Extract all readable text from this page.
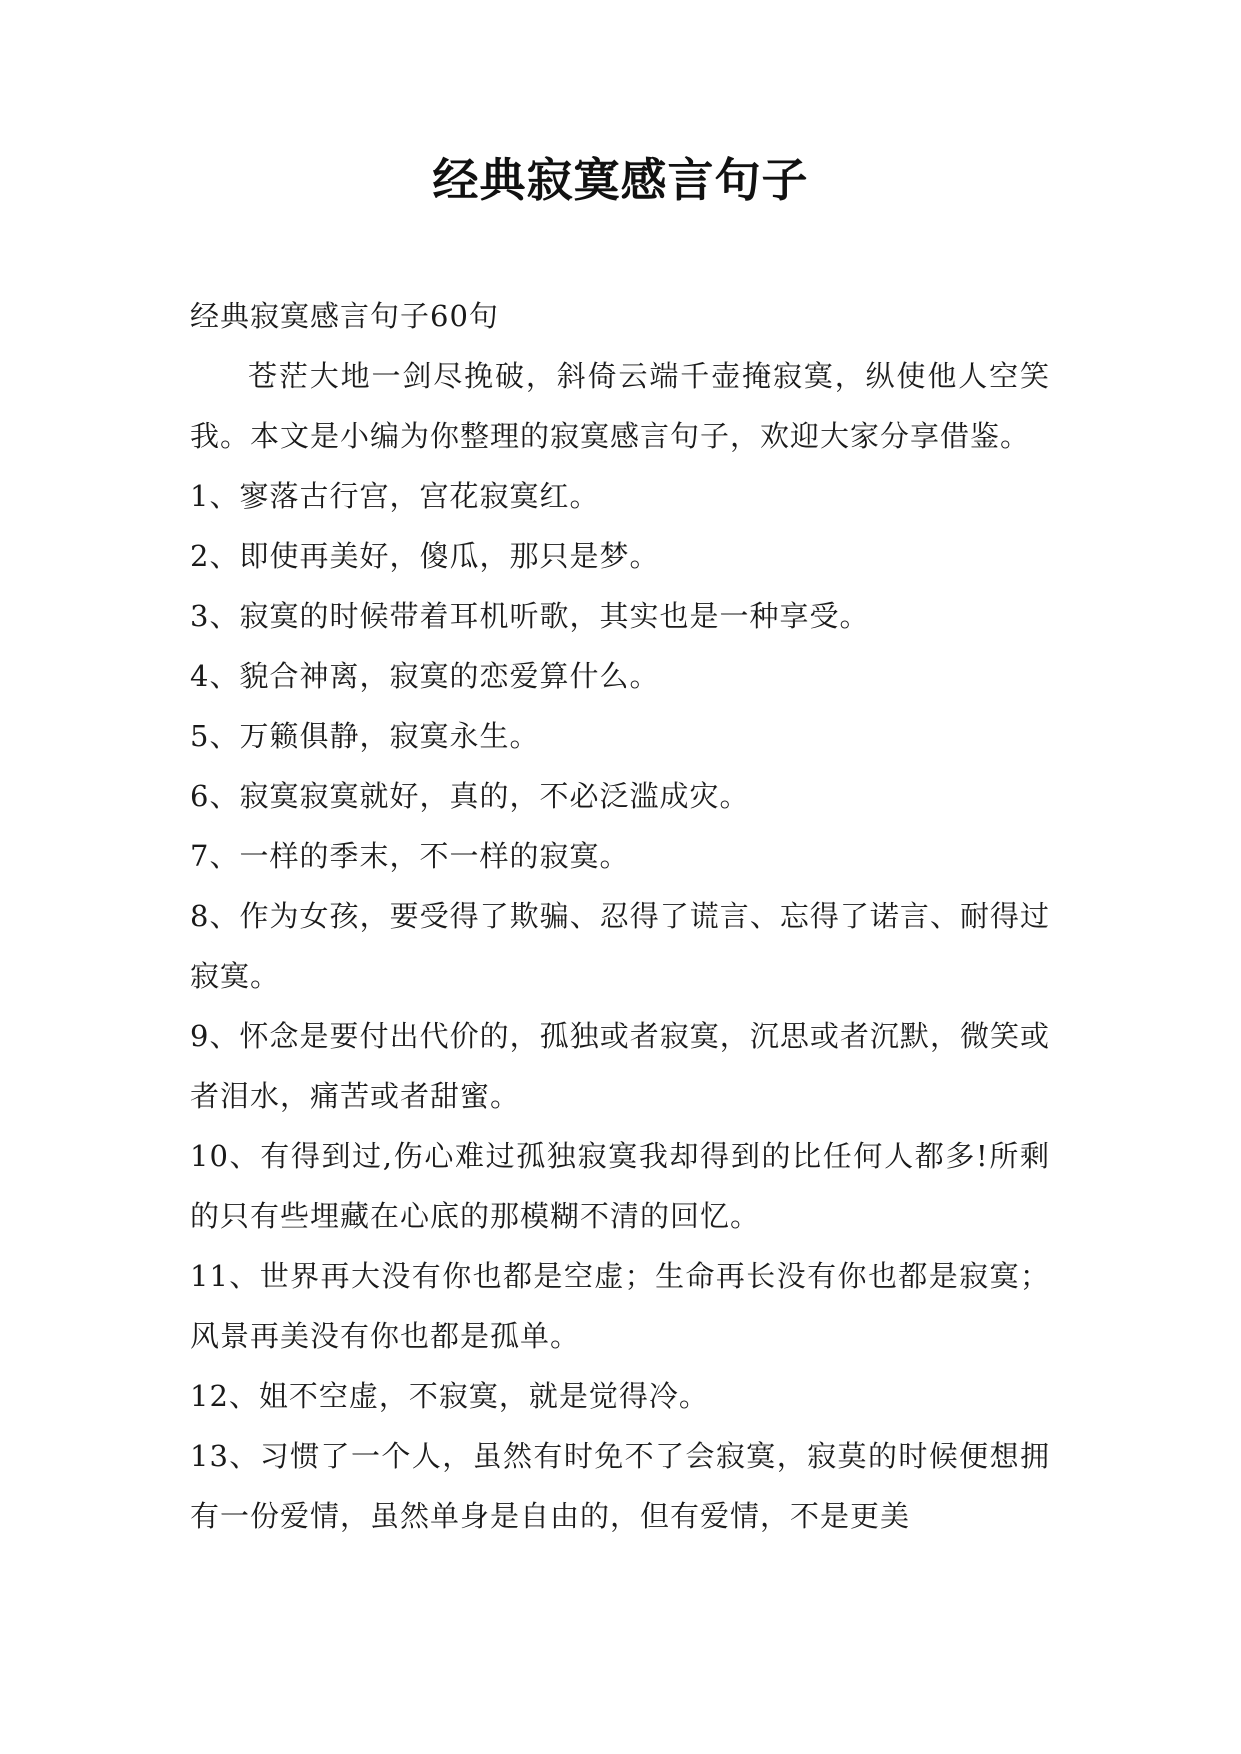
经典寂寞感言句子

经典寂寞感言句子60句

苍茫大地一剑尽挽破，斜倚云端千壶掩寂寞，纵使他人空笑我。本文是小编为你整理的寂寞感言句子，欢迎大家分享借鉴。

1、寥落古行宫，宫花寂寞红。

2、即使再美好，傻瓜，那只是梦。

3、寂寞的时候带着耳机听歌，其实也是一种享受。

4、貌合神离，寂寞的恋爱算什么。

5、万籁俱静，寂寞永生。

6、寂寞寂寞就好，真的，不必泛滥成灾。

7、一样的季末，不一样的寂寞。

8、作为女孩，要受得了欺骗、忍得了谎言、忘得了诺言、耐得过寂寞。

9、怀念是要付出代价的，孤独或者寂寞，沉思或者沉默，微笑或者泪水，痛苦或者甜蜜。

10、有得到过,伤心难过孤独寂寞我却得到的比任何人都多!所剩的只有些埋藏在心底的那模糊不清的回忆。

11、世界再大没有你也都是空虚；生命再长没有你也都是寂寞；风景再美没有你也都是孤单。

12、姐不空虚，不寂寞，就是觉得冷。

13、习惯了一个人，虽然有时免不了会寂寞，寂莫的时候便想拥有一份爱情，虽然单身是自由的，但有爱情，不是更美
